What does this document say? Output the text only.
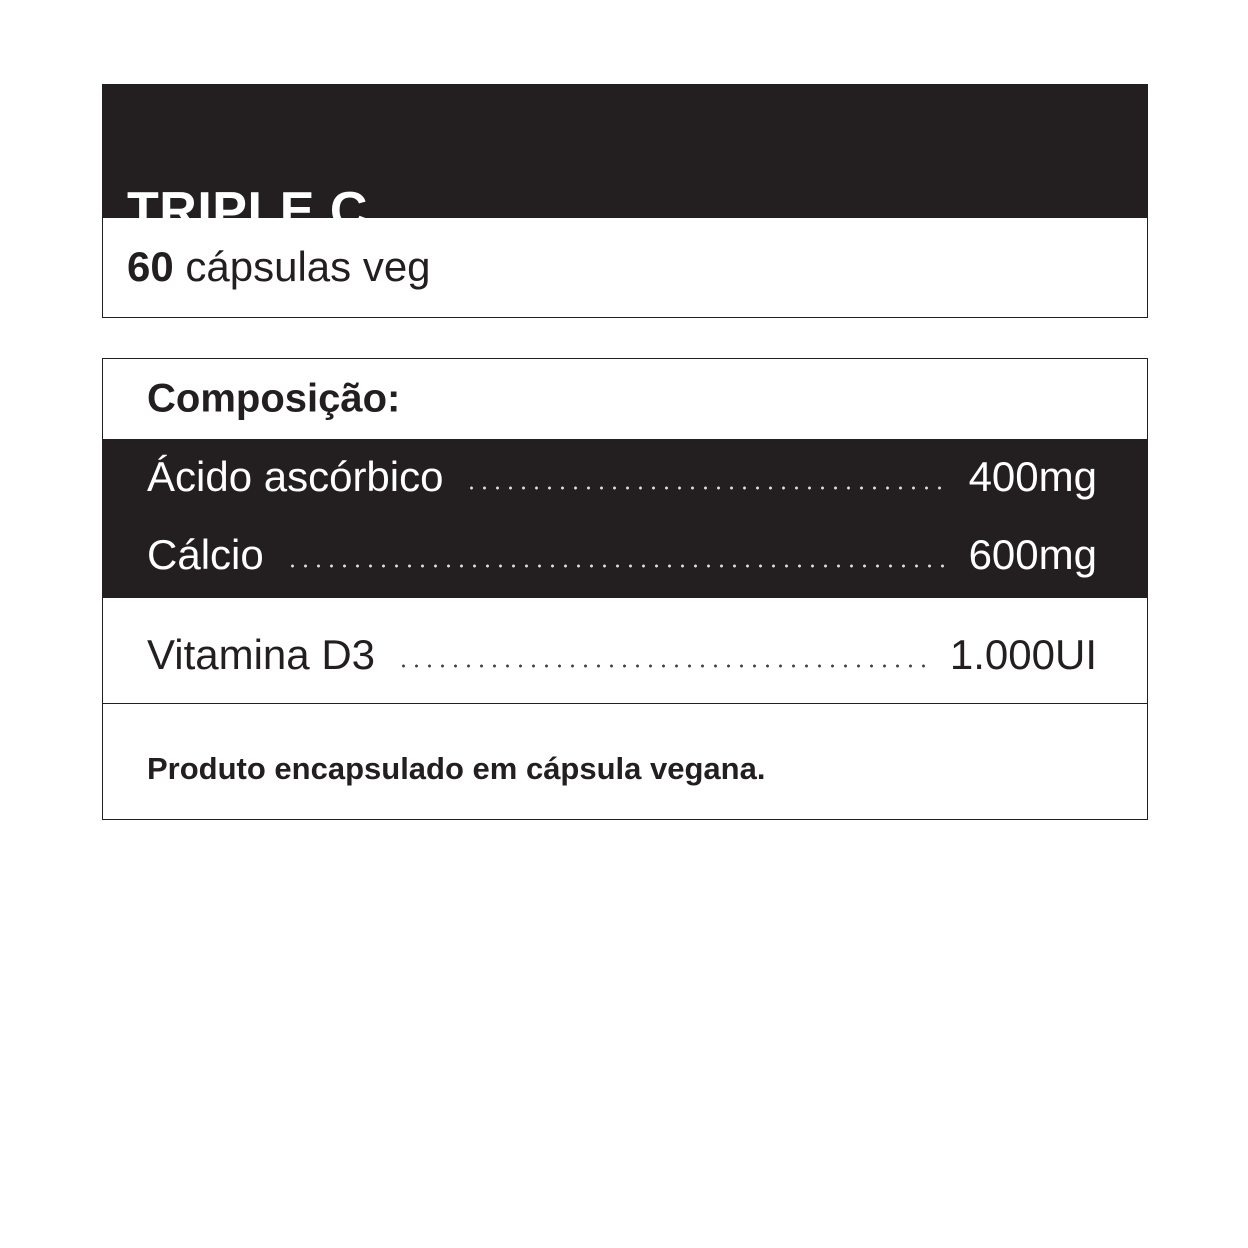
TRIPLE C
60 cápsulas veg
Composição:
Ácido ascórbico	400mg
Cálcio	600mg
Vitamina D3	1.000UI

Produto encapsulado em cápsula vegana.
